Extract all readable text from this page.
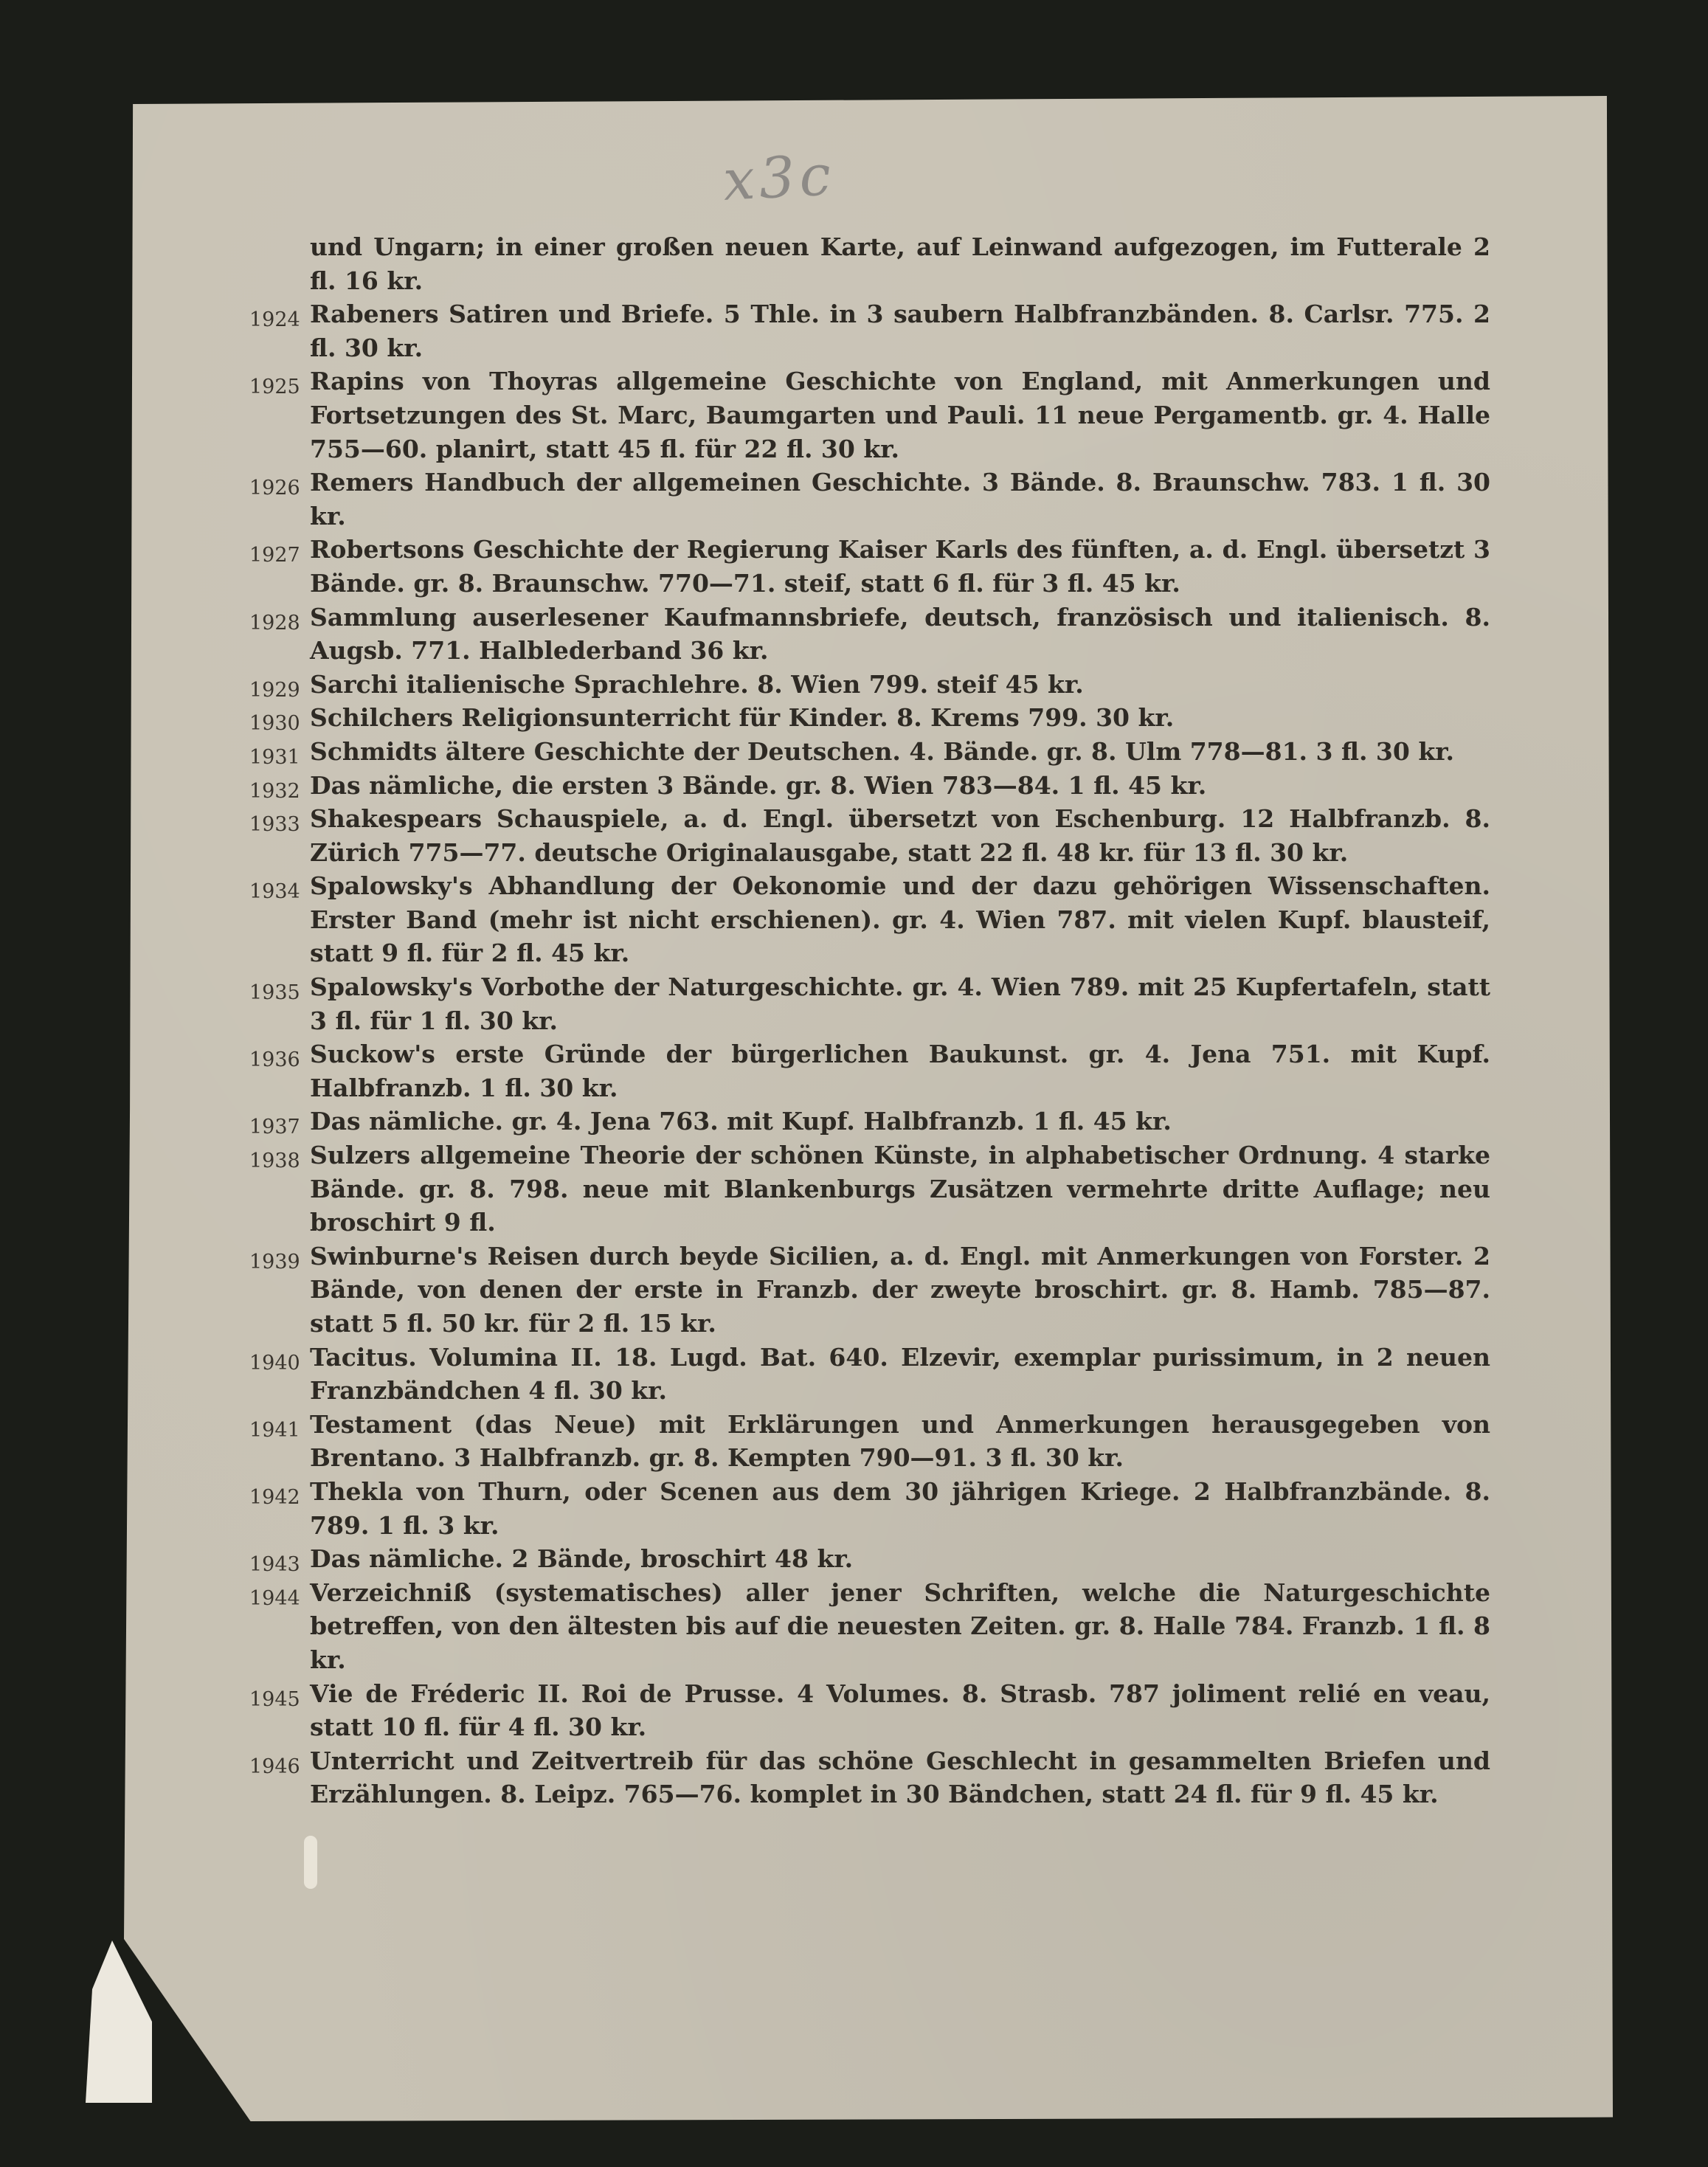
x3c
und Ungarn; in einer großen neuen Karte, auf Leinwand aufgezogen, im Futterale 2 fl. 16 kr.
1924 Rabeners Satiren und Briefe. 5 Thle. in 3 saubern Halbfranzbänden. 8. Carlsr. 775. 2 fl. 30 kr.
1925 Rapins von Thoyras allgemeine Geschichte von England, mit Anmerkungen und Fortsetzungen des St. Marc, Baumgarten und Pauli. 11 neue Pergamentb. gr. 4. Halle 755—60. planirt, statt 45 fl. für 22 fl. 30 kr.
1926 Remers Handbuch der allgemeinen Geschichte. 3 Bände. 8. Braunschw. 783. 1 fl. 30 kr.
1927 Robertsons Geschichte der Regierung Kaiser Karls des fünften, a. d. Engl. übersetzt 3 Bände. gr. 8. Braunschw. 770—71. steif, statt 6 fl. für 3 fl. 45 kr.
1928 Sammlung auserlesener Kaufmannsbriefe, deutsch, französisch und italienisch. 8. Augsb. 771. Halblederband 36 kr.
1929 Sarchi italienische Sprachlehre. 8. Wien 799. steif 45 kr.
1930 Schilchers Religionsunterricht für Kinder. 8. Krems 799. 30 kr.
1931 Schmidts ältere Geschichte der Deutschen. 4. Bände. gr. 8. Ulm 778—81. 3 fl. 30 kr.
1932 Das nämliche, die ersten 3 Bände. gr. 8. Wien 783—84. 1 fl. 45 kr.
1933 Shakespears Schauspiele, a. d. Engl. übersetzt von Eschenburg. 12 Halbfranzb. 8. Zürich 775—77. deutsche Originalausgabe, statt 22 fl. 48 kr. für 13 fl. 30 kr.
1934 Spalowsky's Abhandlung der Oekonomie und der dazu gehörigen Wissenschaften. Erster Band (mehr ist nicht erschienen). gr. 4. Wien 787. mit vielen Kupf. blausteif, statt 9 fl. für 2 fl. 45 kr.
1935 Spalowsky's Vorbothe der Naturgeschichte. gr. 4. Wien 789. mit 25 Kupfertafeln, statt 3 fl. für 1 fl. 30 kr.
1936 Suckow's erste Gründe der bürgerlichen Baukunst. gr. 4. Jena 751. mit Kupf. Halbfranzb. 1 fl. 30 kr.
1937 Das nämliche. gr. 4. Jena 763. mit Kupf. Halbfranzb. 1 fl. 45 kr.
1938 Sulzers allgemeine Theorie der schönen Künste, in alphabetischer Ordnung. 4 starke Bände. gr. 8. 798. neue mit Blankenburgs Zusätzen vermehrte dritte Auflage; neu broschirt 9 fl.
1939 Swinburne's Reisen durch beyde Sicilien, a. d. Engl. mit Anmerkungen von Forster. 2 Bände, von denen der erste in Franzb. der zweyte broschirt. gr. 8. Hamb. 785—87. statt 5 fl. 50 kr. für 2 fl. 15 kr.
1940 Tacitus. Volumina II. 18. Lugd. Bat. 640. Elzevir, exemplar purissimum, in 2 neuen Franzbändchen 4 fl. 30 kr.
1941 Testament (das Neue) mit Erklärungen und Anmerkungen herausgegeben von Brentano. 3 Halbfranzb. gr. 8. Kempten 790—91. 3 fl. 30 kr.
1942 Thekla von Thurn, oder Scenen aus dem 30 jährigen Kriege. 2 Halbfranzbände. 8. 789. 1 fl. 3 kr.
1943 Das nämliche. 2 Bände, broschirt 48 kr.
1944 Verzeichniß (systematisches) aller jener Schriften, welche die Naturgeschichte betreffen, von den ältesten bis auf die neuesten Zeiten. gr. 8. Halle 784. Franzb. 1 fl. 8 kr.
1945 Vie de Fréderic II. Roi de Prusse. 4 Volumes. 8. Strasb. 787 joliment relié en veau, statt 10 fl. für 4 fl. 30 kr.
1946 Unterricht und Zeitvertreib für das schöne Geschlecht in gesammelten Briefen und Erzählungen. 8. Leipz. 765—76. komplet in 30 Bändchen, statt 24 fl. für 9 fl. 45 kr.
